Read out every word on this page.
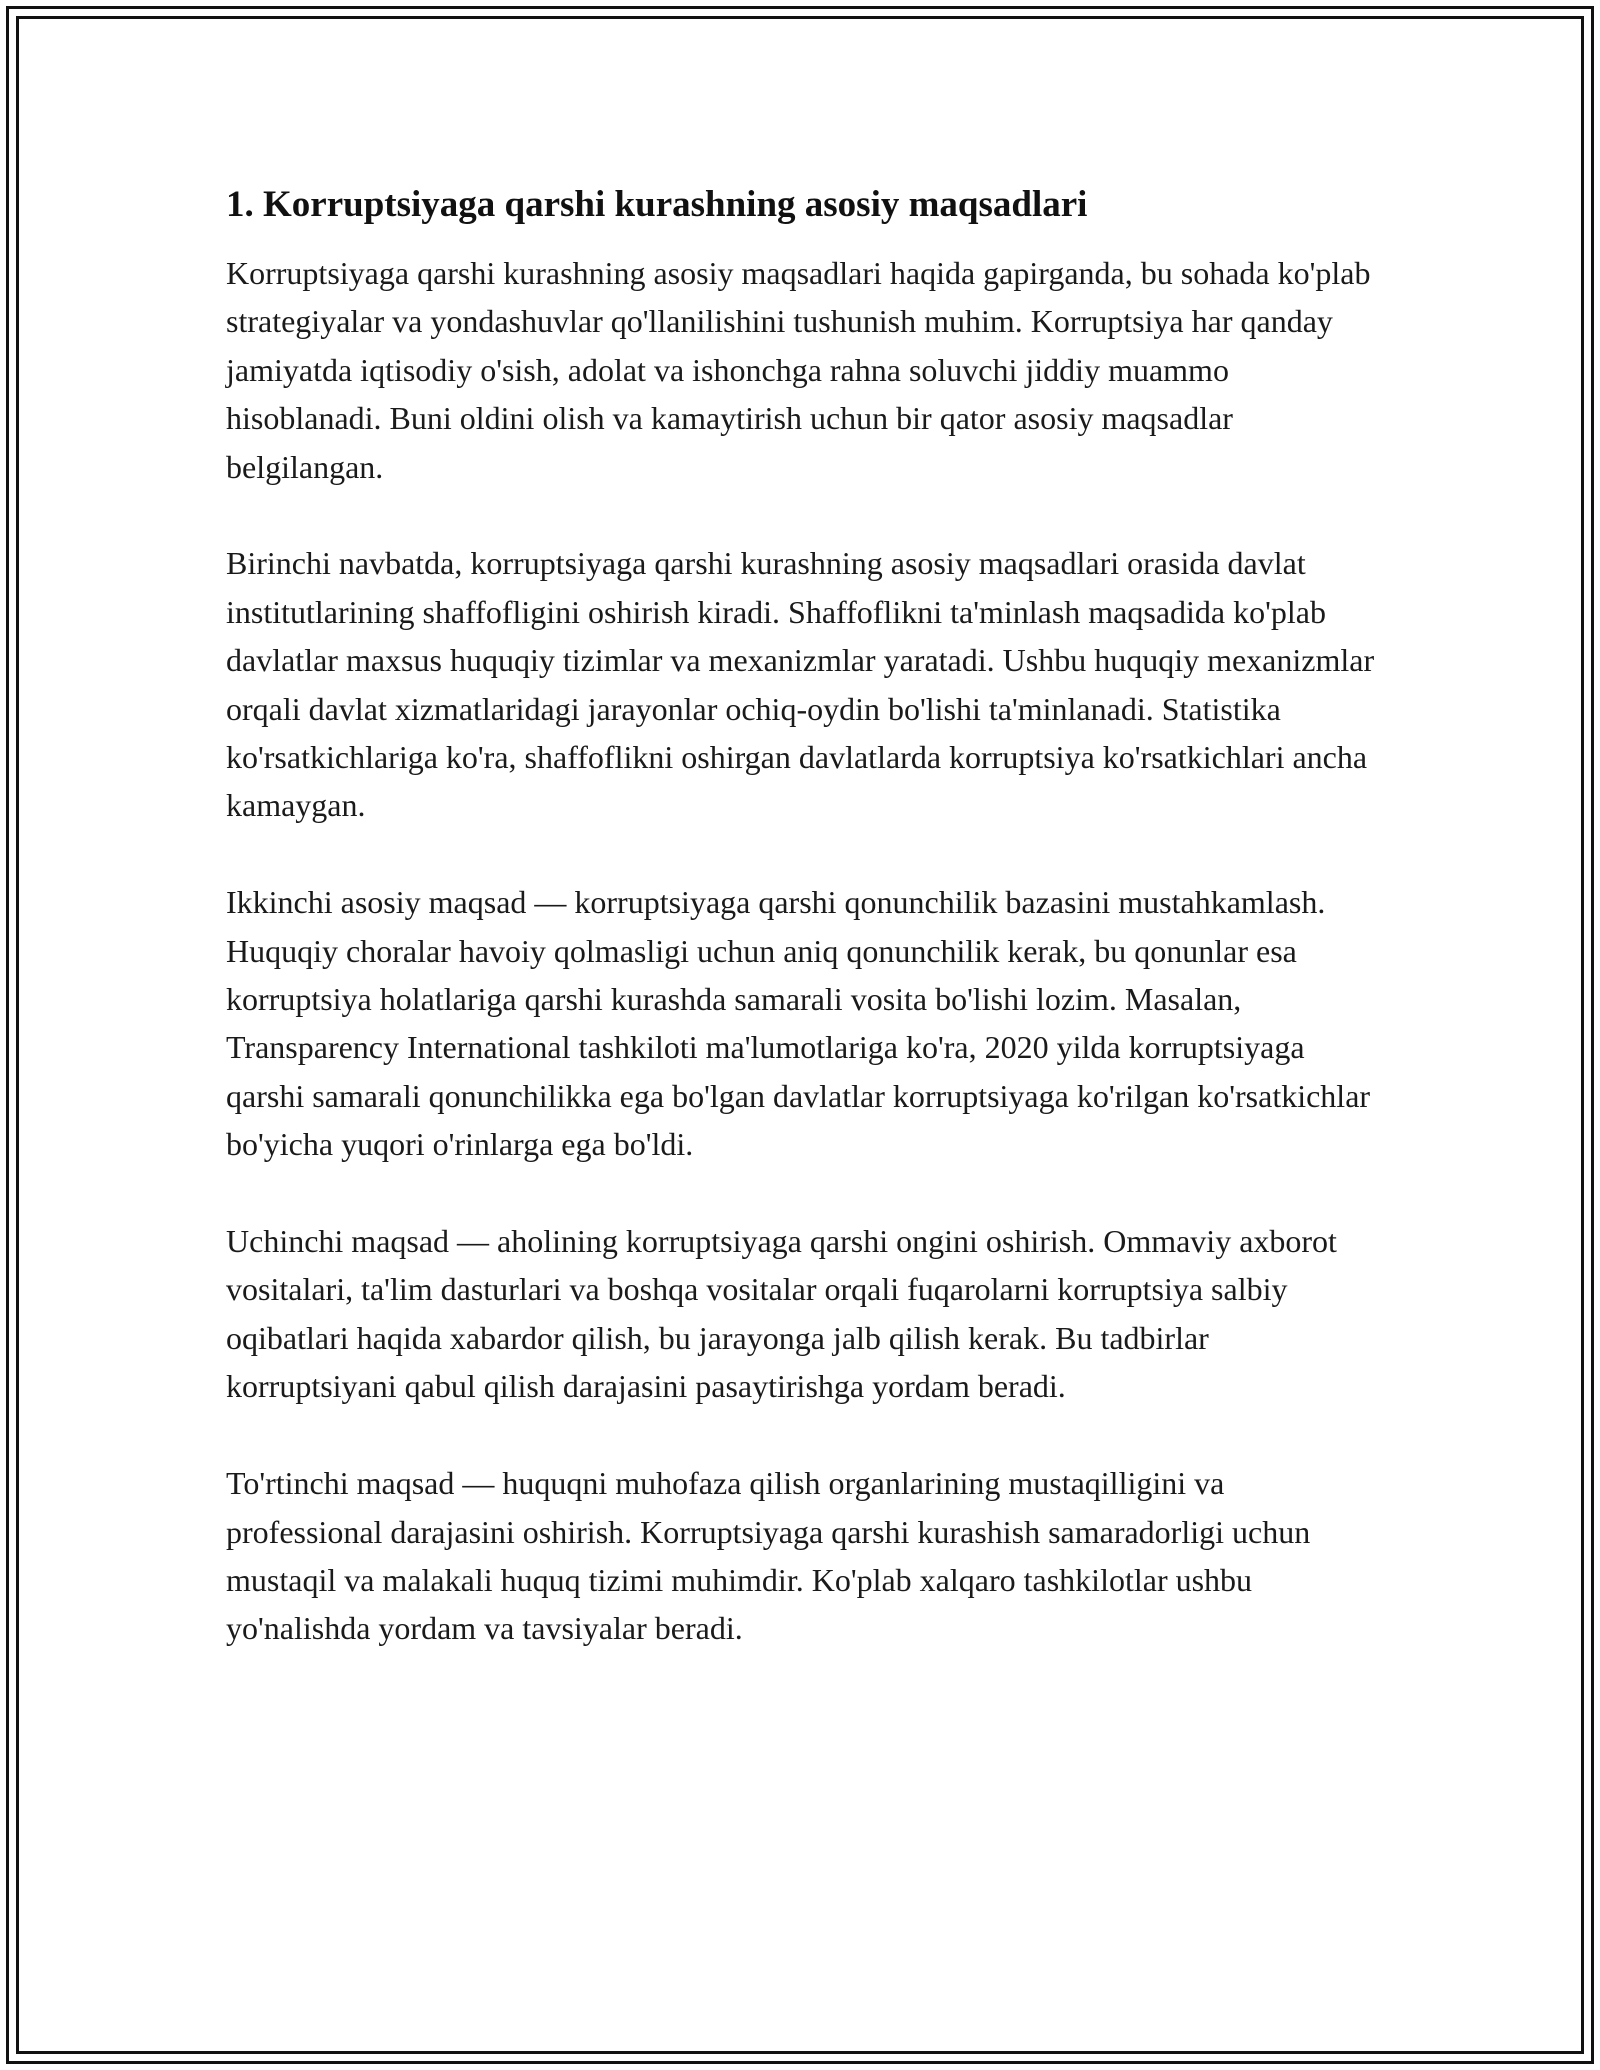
1. Korruptsiyaga qarshi kurashning asosiy maqsadlari

Korruptsiyaga qarshi kurashning asosiy maqsadlari haqida gapirganda, bu sohada ko'plab strategiyalar va yondashuvlar qo'llanilishini tushunish muhim. Korruptsiya har qanday jamiyatda iqtisodiy o'sish, adolat va ishonchga rahna soluvchi jiddiy muammo hisoblanadi. Buni oldini olish va kamaytirish uchun bir qator asosiy maqsadlar belgilangan.

Birinchi navbatda, korruptsiyaga qarshi kurashning asosiy maqsadlari orasida davlat institutlarining shaffofligini oshirish kiradi. Shaffoflikni ta'minlash maqsadida ko'plab davlatlar maxsus huquqiy tizimlar va mexanizmlar yaratadi. Ushbu huquqiy mexanizmlar orqali davlat xizmatlaridagi jarayonlar ochiq-oydin bo'lishi ta'minlanadi. Statistika ko'rsatkichlariga ko'ra, shaffoflikni oshirgan davlatlarda korruptsiya ko'rsatkichlari ancha kamaygan.

Ikkinchi asosiy maqsad — korruptsiyaga qarshi qonunchilik bazasini mustahkamlash. Huquqiy choralar havoiy qolmasligi uchun aniq qonunchilik kerak, bu qonunlar esa korruptsiya holatlariga qarshi kurashda samarali vosita bo'lishi lozim. Masalan, Transparency International tashkiloti ma'lumotlariga ko'ra, 2020 yilda korruptsiyaga qarshi samarali qonunchilikka ega bo'lgan davlatlar korruptsiyaga ko'rilgan ko'rsatkichlar bo'yicha yuqori o'rinlarga ega bo'ldi.

Uchinchi maqsad — aholining korruptsiyaga qarshi ongini oshirish. Ommaviy axborot vositalari, ta'lim dasturlari va boshqa vositalar orqali fuqarolarni korruptsiya salbiy oqibatlari haqida xabardor qilish, bu jarayonga jalb qilish kerak. Bu tadbirlar korruptsiyani qabul qilish darajasini pasaytirishga yordam beradi.

To'rtinchi maqsad — huquqni muhofaza qilish organlarining mustaqilligini va professional darajasini oshirish. Korruptsiyaga qarshi kurashish samaradorligi uchun mustaqil va malakali huquq tizimi muhimdir. Ko'plab xalqaro tashkilotlar ushbu yo'nalishda yordam va tavsiyalar beradi.
